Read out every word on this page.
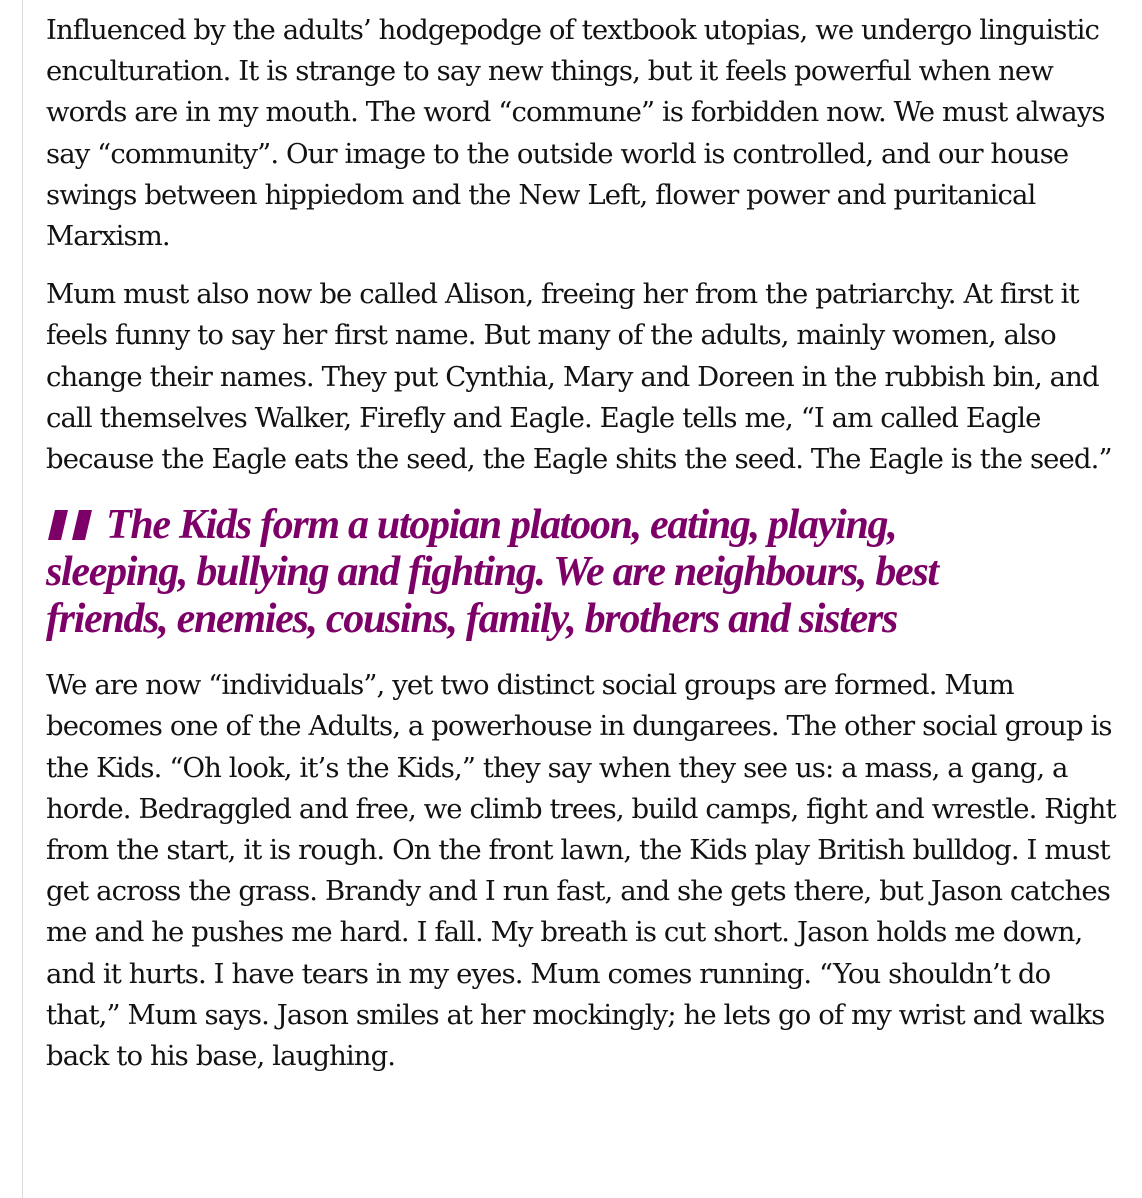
Influenced by the adults’ hodgepodge of textbook utopias, we undergo linguistic enculturation. It is strange to say new things, but it feels powerful when new words are in my mouth. The word “commune” is forbidden now. We must always say “community”. Our image to the outside world is controlled, and our house swings between hippiedom and the New Left, flower power and puritanical Marxism.

Mum must also now be called Alison, freeing her from the patriarchy. At first it feels funny to say her first name. But many of the adults, mainly women, also change their names. They put Cynthia, Mary and Doreen in the rubbish bin, and call themselves Walker, Firefly and Eagle. Eagle tells me, “I am called Eagle because the Eagle eats the seed, the Eagle shits the seed. The Eagle is the seed.”

The Kids form a utopian platoon, eating, playing, sleeping, bullying and fighting. We are neighbours, best friends, enemies, cousins, family, brothers and sisters

We are now “individuals”, yet two distinct social groups are formed. Mum becomes one of the Adults, a powerhouse in dungarees. The other social group is the Kids. “Oh look, it’s the Kids,” they say when they see us: a mass, a gang, a horde. Bedraggled and free, we climb trees, build camps, fight and wrestle. Right from the start, it is rough. On the front lawn, the Kids play British bulldog. I must get across the grass. Brandy and I run fast, and she gets there, but Jason catches me and he pushes me hard. I fall. My breath is cut short. Jason holds me down, and it hurts. I have tears in my eyes. Mum comes running. “You shouldn’t do that,” Mum says. Jason smiles at her mockingly; he lets go of my wrist and walks back to his base, laughing.
